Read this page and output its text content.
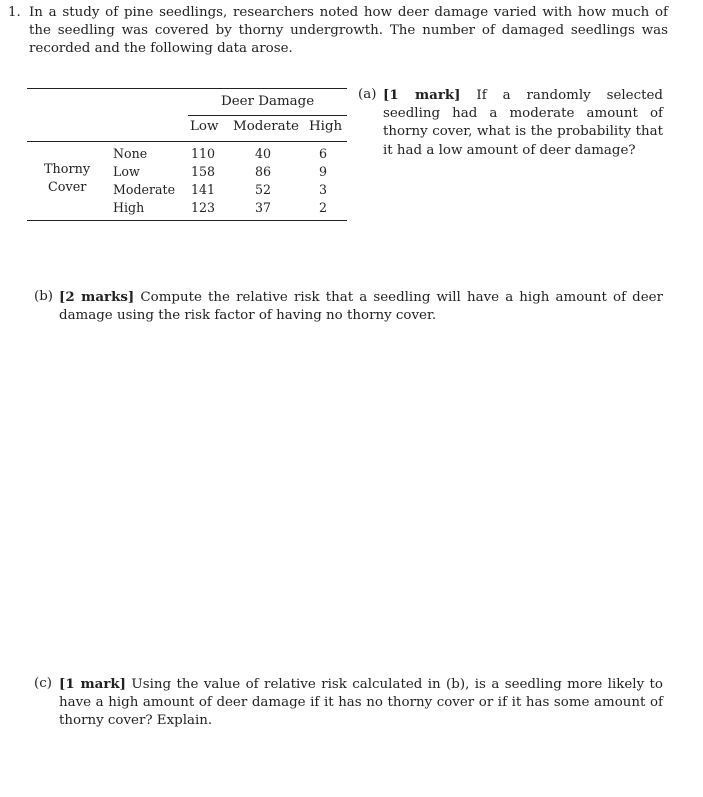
1. In a study of pine seedlings, researchers noted how deer damage varied with how much of the seedling was covered by thorny undergrowth. The number of damaged seedlings was recorded and the following data arose.
Deer Damage
Low Moderate High
Thorny
Cover
None	110	40	6
Low	158	86	9
Moderate 141	52	3
High	123	37	2
(a) [1 mark] If a randomly selected seedling had a moderate amount of thorny cover, what is the probability that it had a low amount of deer damage?
(b) [2 marks] Compute the relative risk that a seedling will have a high amount of deer damage using the risk factor of having no thorny cover.
(c) [1 mark] Using the value of relative risk calculated in (b), is a seedling more likely to have a high amount of deer damage if it has no thorny cover or if it has some amount of thorny cover? Explain.
